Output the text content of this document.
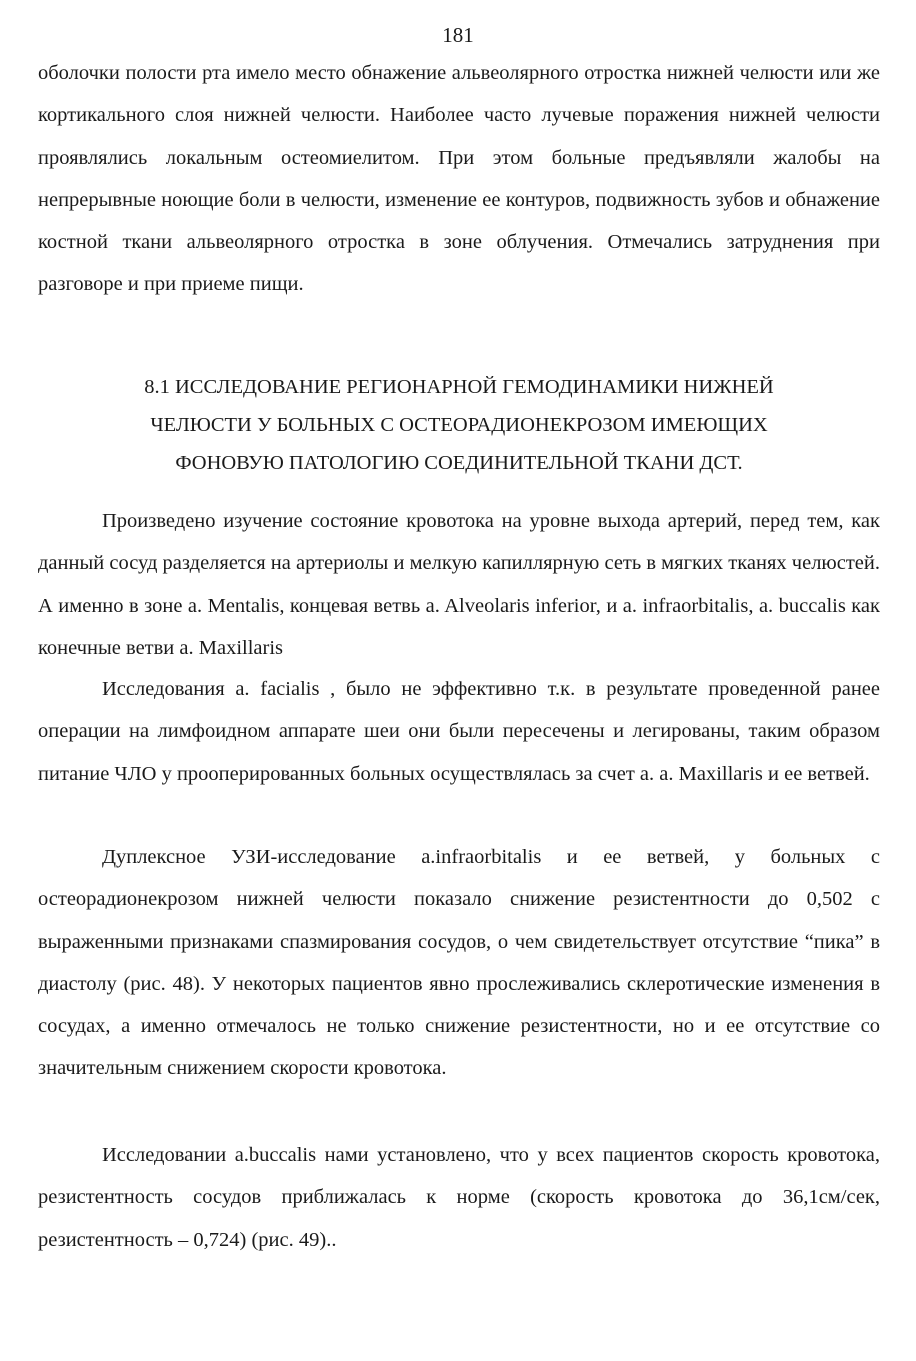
181

оболочки полости рта имело место обнажение альвеолярного отростка нижней челюсти или же кортикального слоя нижней челюсти. Наиболее часто лучевые поражения нижней челюсти проявлялись локальным остеомиелитом. При этом больные предъявляли жалобы на непрерывные ноющие боли в челюсти, изменение ее контуров, подвижность зубов и обнажение костной ткани альвеолярного отростка в зоне облучения. Отмечались затруднения при разговоре и при приеме пищи.

8.1 ИССЛЕДОВАНИЕ РЕГИОНАРНОЙ ГЕМОДИНАМИКИ НИЖНЕЙ
ЧЕЛЮСТИ У БОЛЬНЫХ С ОСТЕОРАДИОНЕКРОЗОМ ИМЕЮЩИХ
ФОНОВУЮ ПАТОЛОГИЮ СОЕДИНИТЕЛЬНОЙ ТКАНИ ДСТ.

Произведено изучение состояние кровотока на уровне выхода артерий, перед тем, как данный сосуд разделяется на артериолы и мелкую капиллярную сеть в мягких тканях челюстей. А именно в зоне a. Mentalis, концевая ветвь a. Alveolaris inferior, и a. infraorbitalis, a. buccalis как конечные ветви a. Maxillaris

Исследования a. facialis , было не эффективно т.к. в результате проведенной ранее операции на лимфоидном аппарате шеи они были пересечены и легированы, таким образом питание ЧЛО у прооперированных больных осуществлялась за счет a. a. Maxillaris и ее ветвей.

Дуплексное УЗИ-исследование a.infraorbitalis и ее ветвей, у больных с остеорадионекрозом нижней челюсти показало снижение резистентности до 0,502 с выраженными признаками спазмирования сосудов, о чем свидетельствует отсутствие “пика” в диастолу (рис. 48). У некоторых пациентов явно прослеживались склеротические изменения в сосудах, а именно отмечалось не только снижение резистентности, но и ее отсутствие со значительным снижением скорости кровотока.

Исследовании a.buccalis нами установлено, что у всех пациентов скорость кровотока, резистентность сосудов приближалась к норме (скорость кровотока до 36,1см/сек, резистентность – 0,724) (рис. 49)..
